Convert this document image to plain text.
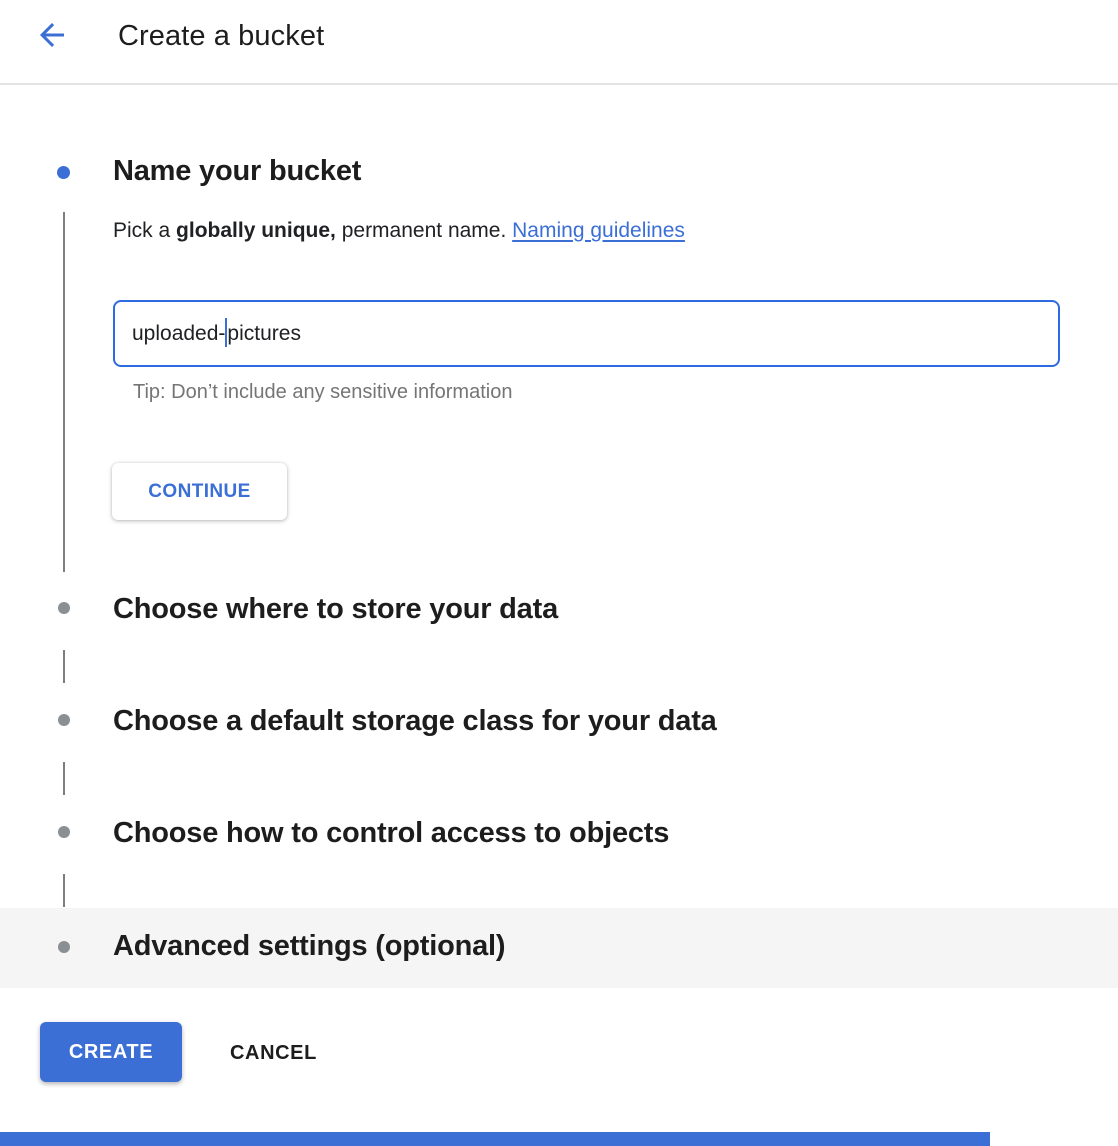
Create a bucket
Name your bucket
Pick a globally unique, permanent name. Naming guidelines
uploaded- pictures
Tip: Don’t include any sensitive information
CONTINUE
Choose where to store your data
Choose a default storage class for your data
Choose how to control access to objects
Advanced settings (optional)
CREATE	CANCEL
